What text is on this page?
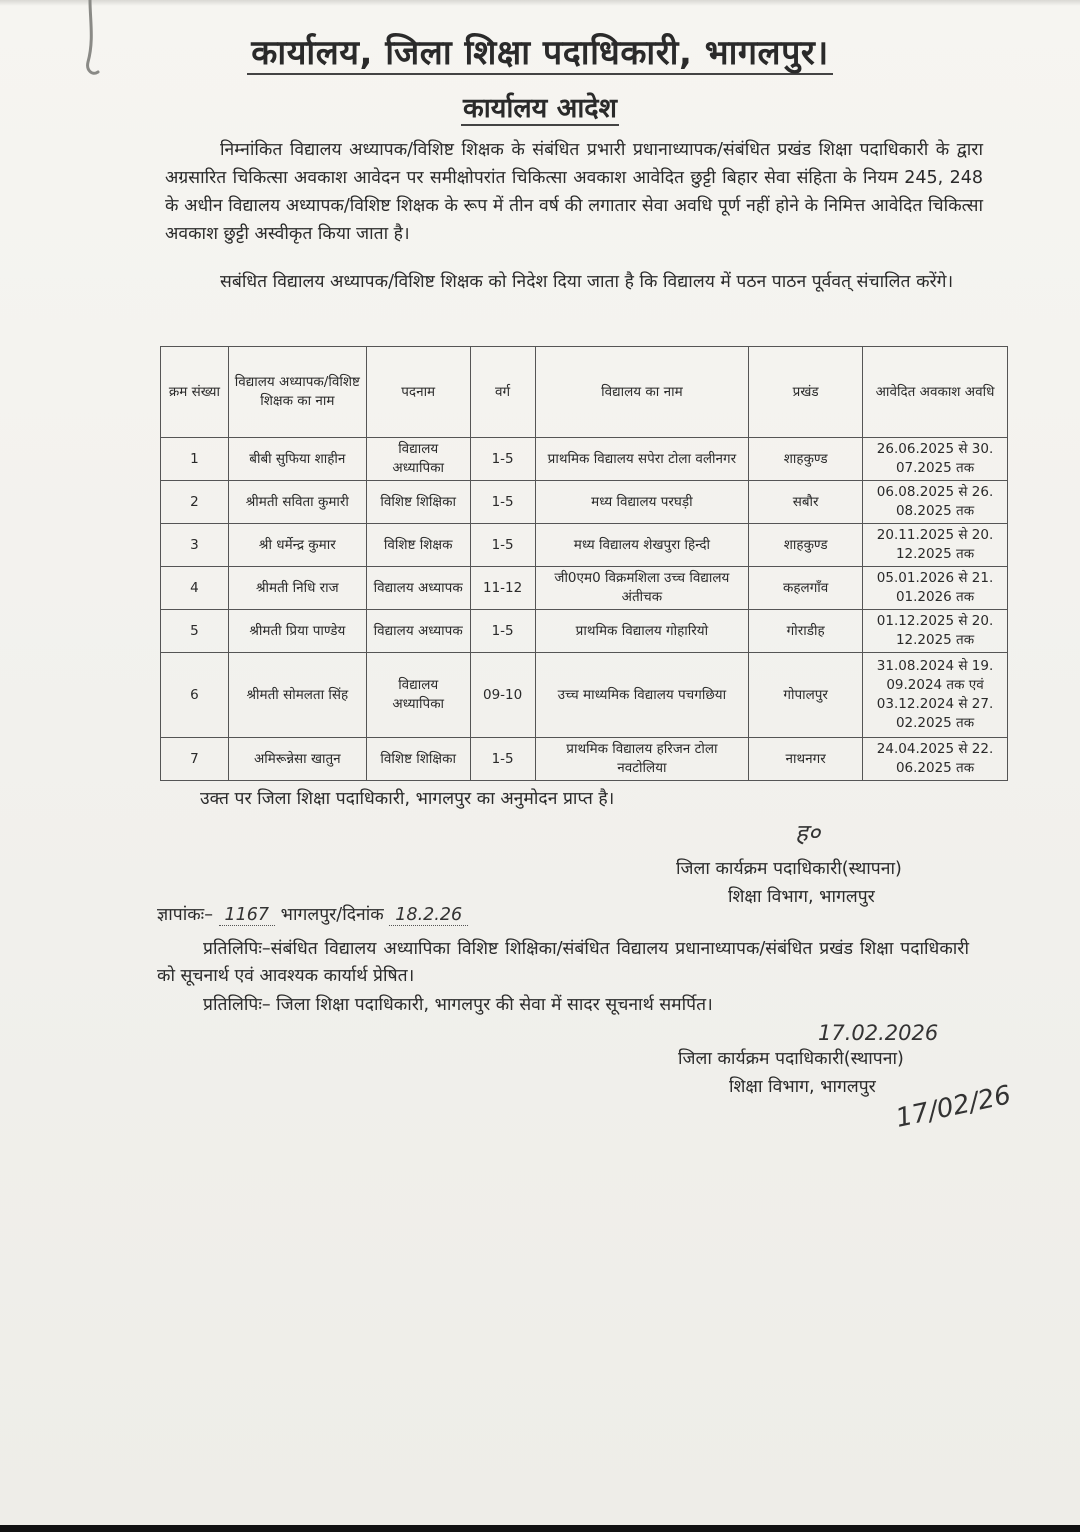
कार्यालय, जिला शिक्षा पदाधिकारी, भागलपुर।
कार्यालय आदेश
निम्नांकित विद्यालय अध्यापक/विशिष्ट शिक्षक के संबंधित प्रभारी प्रधानाध्यापक/संबंधित प्रखंड शिक्षा पदाधिकारी के द्वारा अग्रसारित चिकित्सा अवकाश आवेदन पर समीक्षोपरांत चिकित्सा अवकाश आवेदित छुट्टी बिहार सेवा संहिता के नियम 245, 248 के अधीन विद्यालय अध्यापक/विशिष्ट शिक्षक के रूप में तीन वर्ष की लगातार सेवा अवधि पूर्ण नहीं होने के निमित्त आवेदित चिकित्सा अवकाश छुट्टी अस्वीकृत किया जाता है।
सबंधित विद्यालय अध्यापक/विशिष्ट शिक्षक को निदेश दिया जाता है कि विद्यालय में पठन पाठन पूर्ववत् संचालित करेंगे।
क्रम संख्या	विद्यालय अध्यापक/विशिष्ट शिक्षक का नाम	पदनाम	वर्ग	विद्यालय का नाम	प्रखंड	आवेदित अवकाश अवधि
1	बीबी सुफिया शाहीन	विद्यालय अध्यापिका	1-5	प्राथमिक विद्यालय सपेरा टोला वलीनगर	शाहकुण्ड	26.06.2025 से 30. 07.2025 तक
2	श्रीमती सविता कुमारी	विशिष्ट शिक्षिका	1-5	मध्य विद्यालय परघड़ी	सबौर	06.08.2025 से 26. 08.2025 तक
3	श्री धर्मेन्द्र कुमार	विशिष्ट शिक्षक	1-5	मध्य विद्यालय शेखपुरा हिन्दी	शाहकुण्ड	20.11.2025 से 20. 12.2025 तक
4	श्रीमती निधि राज	विद्यालय अध्यापक	11-12	जी0एम0 विक्रमशिला उच्च विद्यालय अंतीचक	कहलगाँव	05.01.2026 से 21. 01.2026 तक
5	श्रीमती प्रिया पाण्डेय	विद्यालय अध्यापक	1-5	प्राथमिक विद्यालय गोहारियो	गोराडीह	01.12.2025 से 20. 12.2025 तक
6	श्रीमती सोमलता सिंह	विद्यालय अध्यापिका	09-10	उच्च माध्यमिक विद्यालय पचगछिया	गोपालपुर	31.08.2024 से 19. 09.2024 तक एवं 03.12.2024 से 27. 02.2025 तक
7	अमिरून्नेसा खातुन	विशिष्ट शिक्षिका	1-5	प्राथमिक विद्यालय हरिजन टोला नवटोलिया	नाथनगर	24.04.2025 से 22. 06.2025 तक
उक्त पर जिला शिक्षा पदाधिकारी, भागलपुर का अनुमोदन प्राप्त है।
ह०
जिला कार्यक्रम पदाधिकारी(स्थापना)
शिक्षा विभाग, भागलपुर
ज्ञापांकः– 1167 भागलपुर/दिनांक 18.2.26
प्रतिलिपिः–संबंधित विद्यालय अध्यापिका विशिष्ट शिक्षिका/संबंधित विद्यालय प्रधानाध्यापक/संबंधित प्रखंड शिक्षा पदाधिकारी को सूचनार्थ एवं आवश्यक कार्यार्थ प्रेषित।
प्रतिलिपिः– जिला शिक्षा पदाधिकारी, भागलपुर की सेवा में सादर सूचनार्थ समर्पित।
17.02.2026
जिला कार्यक्रम पदाधिकारी(स्थापना)
शिक्षा विभाग, भागलपुर 17/02/26
